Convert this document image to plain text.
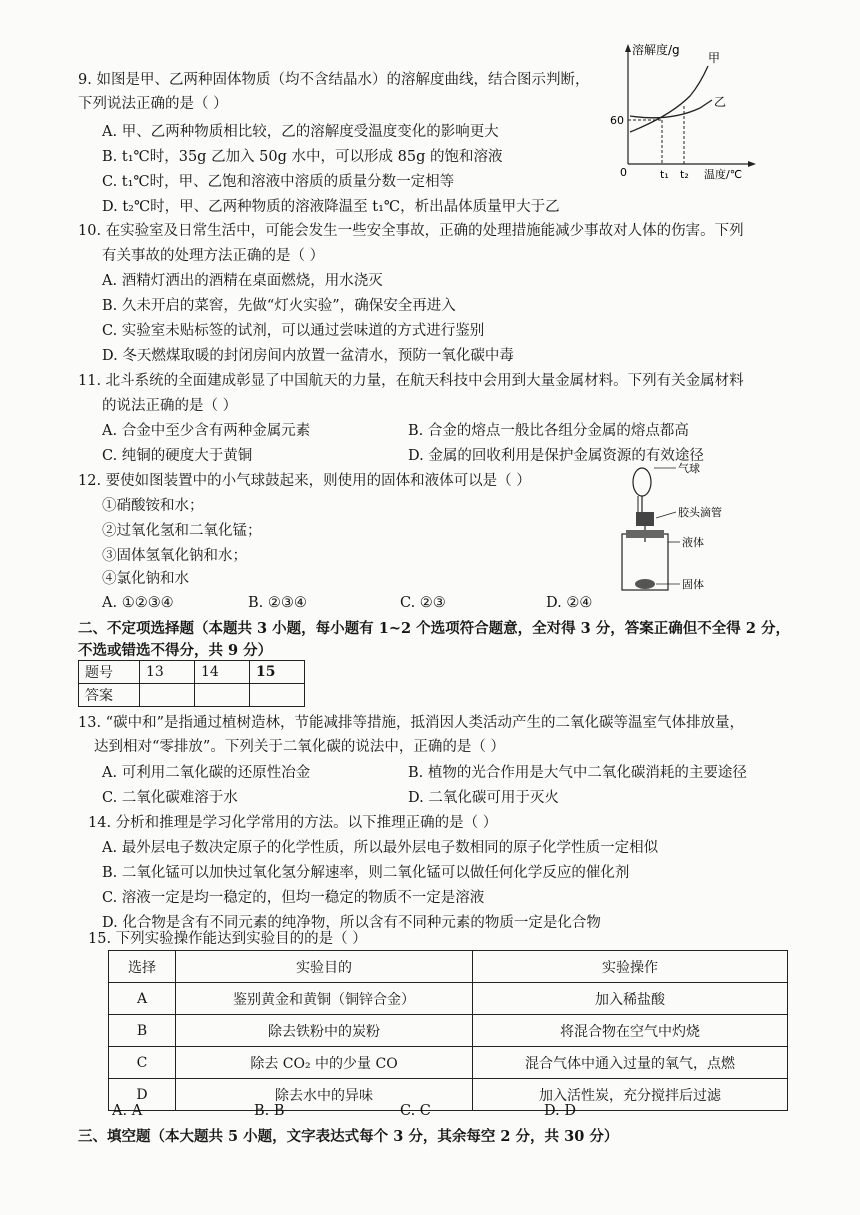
9. 如图是甲、乙两种固体物质（均不含结晶水）的溶解度曲线，结合图示判断，
下列说法正确的是（ ）
A. 甲、乙两种物质相比较，乙的溶解度受温度变化的影响更大
B. t₁℃时，35g 乙加入 50g 水中，可以形成 85g 的饱和溶液
C. t₁℃时，甲、乙饱和溶液中溶质的质量分数一定相等
D. t₂℃时，甲、乙两种物质的溶液降温至 t₁℃，析出晶体质量甲大于乙
溶解度/g
60
0	t₁ t₂ 温度/℃
甲
乙
10. 在实验室及日常生活中，可能会发生一些安全事故，正确的处理措施能减少事故对人体的伤害。下列
有关事故的处理方法正确的是（ ）
A. 酒精灯洒出的酒精在桌面燃烧，用水浇灭
B. 久未开启的菜窖，先做“灯火实验”，确保安全再进入
C. 实验室未贴标签的试剂，可以通过尝味道的方式进行鉴别
D. 冬天燃煤取暖的封闭房间内放置一盆清水，预防一氧化碳中毒
11. 北斗系统的全面建成彰显了中国航天的力量，在航天科技中会用到大量金属材料。下列有关金属材料
的说法正确的是（ ）
A. 合金中至少含有两种金属元素	B. 合金的熔点一般比各组分金属的熔点都高
C. 纯铜的硬度大于黄铜	D. 金属的回收利用是保护金属资源的有效途径
12. 要使如图装置中的小气球鼓起来，则使用的固体和液体可以是（ ）
①硝酸铵和水；
②过氧化氢和二氧化锰；
③固体氢氧化钠和水；
④氯化钠和水
A. ①②③④	B. ②③④	C. ②③	D. ②④
气球
胶头滴管
液体
固体
二、不定项选择题（本题共 3 小题，每小题有 1~2 个选项符合题意，全对得 3 分，答案正确但不全得 2 分，
不选或错选不得分，共 9 分）
题号	13	14	15
答案			
13. “碳中和”是指通过植树造林，节能减排等措施，抵消因人类活动产生的二氧化碳等温室气体排放量，
达到相对“零排放”。下列关于二氧化碳的说法中，正确的是（ ）
A. 可利用二氧化碳的还原性冶金	B. 植物的光合作用是大气中二氧化碳消耗的主要途径
C. 二氧化碳难溶于水	D. 二氧化碳可用于灭火
14. 分析和推理是学习化学常用的方法。以下推理正确的是（ ）
A. 最外层电子数决定原子的化学性质，所以最外层电子数相同的原子化学性质一定相似
B. 二氧化锰可以加快过氧化氢分解速率，则二氧化锰可以做任何化学反应的催化剂
C. 溶液一定是均一稳定的，但均一稳定的物质不一定是溶液
D. 化合物是含有不同元素的纯净物，所以含有不同种元素的物质一定是化合物
15. 下列实验操作能达到实验目的的是（ ）
选择	实验目的	实验操作
A	鉴别黄金和黄铜（铜锌合金）	加入稀盐酸
B	除去铁粉中的炭粉	将混合物在空气中灼烧
C	除去 CO₂ 中的少量 CO	混合气体中通入过量的氧气，点燃
D	除去水中的异味	加入活性炭，充分搅拌后过滤
A. A	B. B	C. C	D. D
三、填空题（本大题共 5 小题，文字表达式每个 3 分，其余每空 2 分，共 30 分）
